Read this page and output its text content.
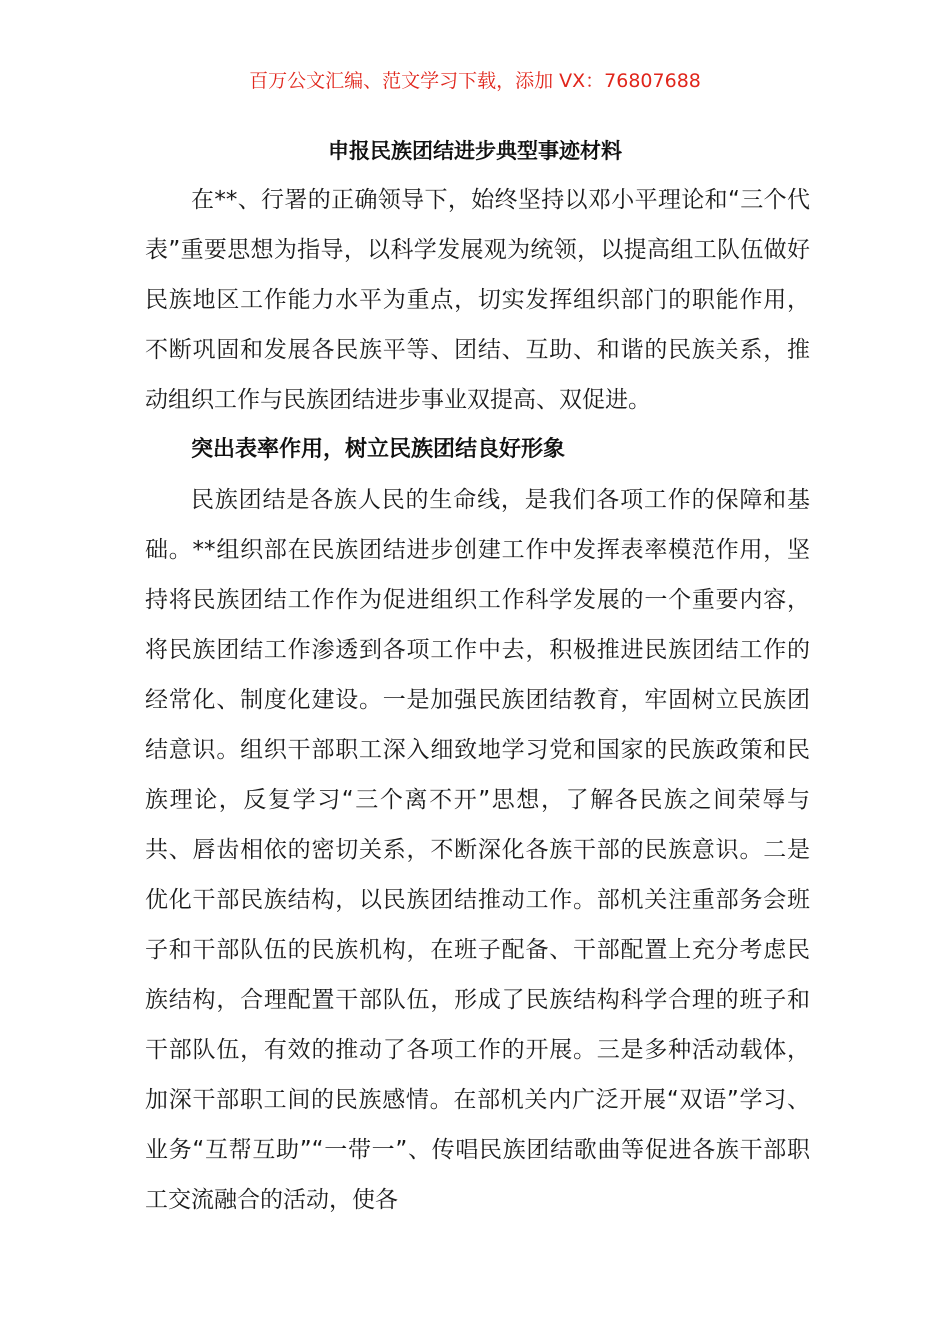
百万公文汇编、范文学习下载，添加 VX：76807688
申报民族团结进步典型事迹材料

在**、行署的正确领导下，始终坚持以邓小平理论和“三个代表”重要思想为指导，以科学发展观为统领，以提高组工队伍做好民族地区工作能力水平为重点，切实发挥组织部门的职能作用，不断巩固和发展各民族平等、团结、互助、和谐的民族关系，推动组织工作与民族团结进步事业双提高、双促进。

突出表率作用，树立民族团结良好形象

民族团结是各族人民的生命线，是我们各项工作的保障和基础。**组织部在民族团结进步创建工作中发挥表率模范作用，坚持将民族团结工作作为促进组织工作科学发展的一个重要内容，将民族团结工作渗透到各项工作中去，积极推进民族团结工作的经常化、制度化建设。一是加强民族团结教育，牢固树立民族团结意识。组织干部职工深入细致地学习党和国家的民族政策和民族理论，反复学习“三个离不开”思想，了解各民族之间荣辱与共、唇齿相依的密切关系，不断深化各族干部的民族意识。二是优化干部民族结构，以民族团结推动工作。部机关注重部务会班子和干部队伍的民族机构，在班子配备、干部配置上充分考虑民族结构，合理配置干部队伍，形成了民族结构科学合理的班子和干部队伍，有效的推动了各项工作的开展。三是多种活动载体，加深干部职工间的民族感情。在部机关内广泛开展“双语”学习、业务“互帮互助”“一带一”、传唱民族团结歌曲等促进各族干部职工交流融合的活动，使各
